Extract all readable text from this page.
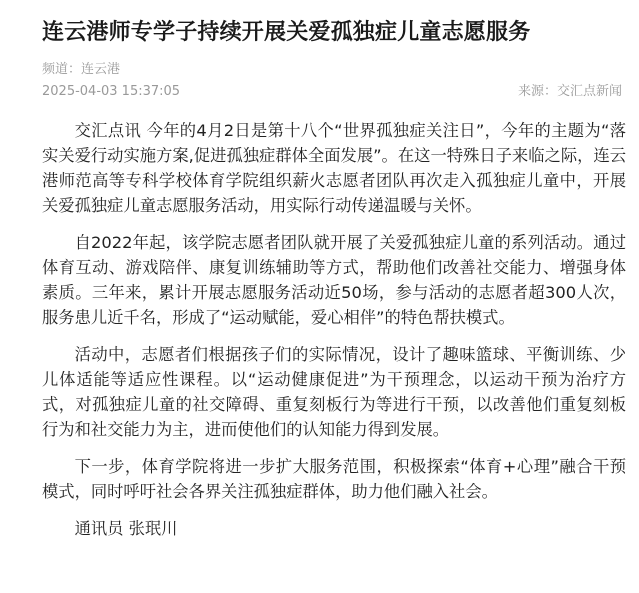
连云港师专学子持续开展关爱孤独症儿童志愿服务
频道：连云港
2025-04-03 15:37:05	来源：交汇点新闻

交汇点讯 今年的4月2日是第十八个“世界孤独症关注日”，今年的主题为“落实关爱行动实施方案,促进孤独症群体全面发展”。在这一特殊日子来临之际，连云港师范高等专科学校体育学院组织薪火志愿者团队再次走入孤独症儿童中，开展关爱孤独症儿童志愿服务活动，用实际行动传递温暖与关怀。

自2022年起，该学院志愿者团队就开展了关爱孤独症儿童的系列活动。通过体育互动、游戏陪伴、康复训练辅助等方式，帮助他们改善社交能力、增强身体素质。三年来，累计开展志愿服务活动近50场，参与活动的志愿者超300人次，服务患儿近千名，形成了“运动赋能，爱心相伴”的特色帮扶模式。

活动中，志愿者们根据孩子们的实际情况，设计了趣味篮球、平衡训练、少儿体适能等适应性课程。以“运动健康促进”为干预理念，以运动干预为治疗方式，对孤独症儿童的社交障碍、重复刻板行为等进行干预，以改善他们重复刻板行为和社交能力为主，进而使他们的认知能力得到发展。

下一步，体育学院将进一步扩大服务范围，积极探索“体育+心理”融合干预模式，同时呼吁社会各界关注孤独症群体，助力他们融入社会。

通讯员 张珉川
